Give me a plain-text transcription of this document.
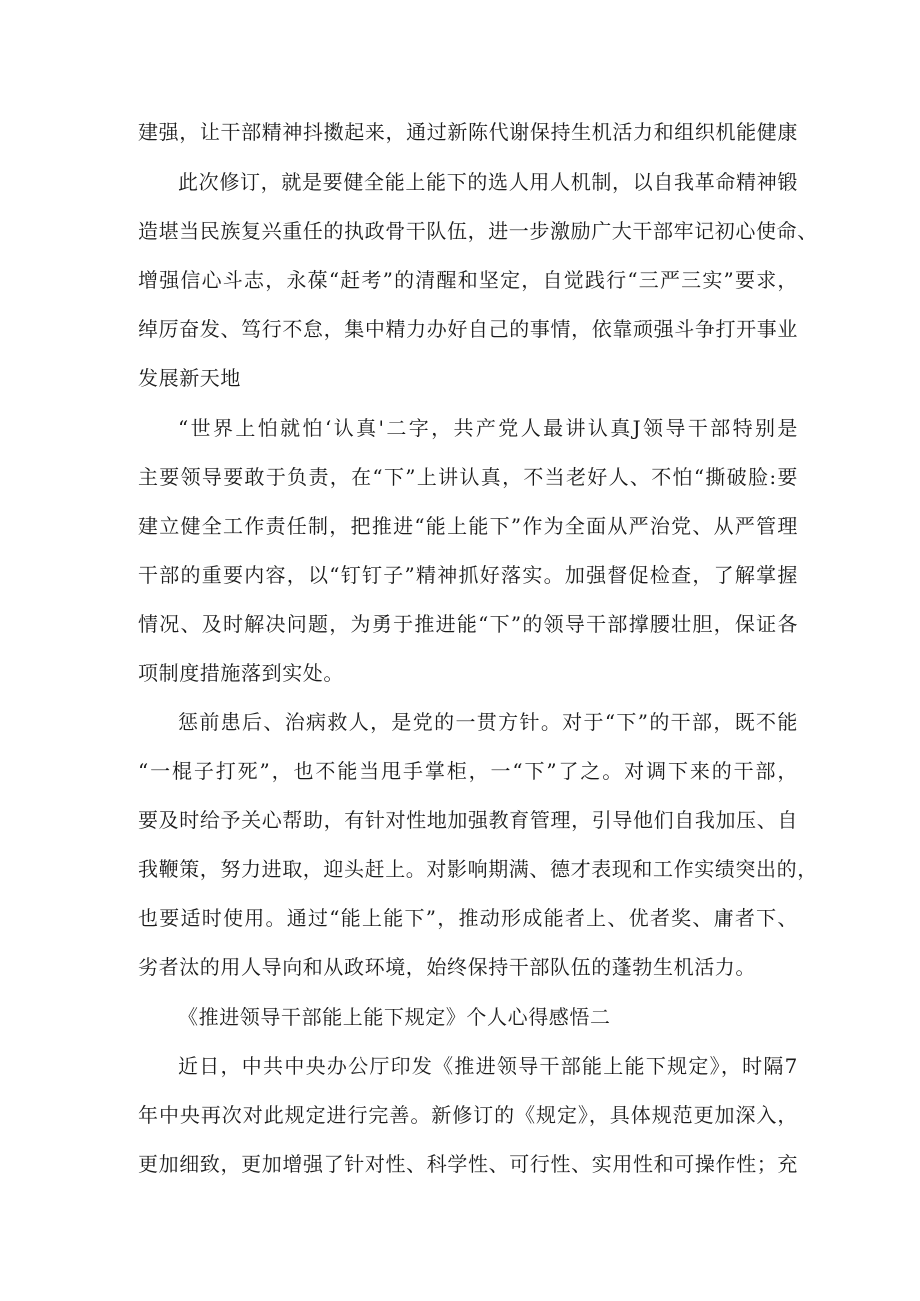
建强，让干部精神抖擞起来，通过新陈代谢保持生机活力和组织机能健康
此次修订，就是要健全能上能下的选人用人机制，以自我革命精神锻
造堪当民族复兴重任的执政骨干队伍，进一步激励广大干部牢记初心使命、
增强信心斗志，永葆“赶考”的清醒和坚定，自觉践行“三严三实”要求，
绰厉奋发、笃行不怠，集中精力办好自己的事情，依靠顽强斗争打开事业
发展新天地
“世界上怕就怕‘认真'二字，共产党人最讲认真J领导干部特别是
主要领导要敢于负责，在“下”上讲认真，不当老好人、不怕“撕破脸:要
建立健全工作责任制，把推进“能上能下”作为全面从严治党、从严管理
干部的重要内容，以“钉钉子”精神抓好落实。加强督促检查，了解掌握
情况、及时解决问题，为勇于推进能“下”的领导干部撑腰壮胆，保证各
项制度措施落到实处。
惩前患后、治病救人，是党的一贯方针。对于“下”的干部，既不能
“一棍子打死”，也不能当甩手掌柜，一“下”了之。对调下来的干部，
要及时给予关心帮助，有针对性地加强教育管理，引导他们自我加压、自
我鞭策，努力进取，迎头赶上。对影响期满、德才表现和工作实绩突出的，
也要适时使用。通过“能上能下”，推动形成能者上、优者奖、庸者下、
劣者汰的用人导向和从政环境，始终保持干部队伍的蓬勃生机活力。
《推进领导干部能上能下规定》个人心得感悟二
近日，中共中央办公厅印发《推进领导干部能上能下规定》，时隔7
年中央再次对此规定进行完善。新修订的《规定》，具体规范更加深入，
更加细致，更加增强了针对性、科学性、可行性、实用性和可操作性；充
